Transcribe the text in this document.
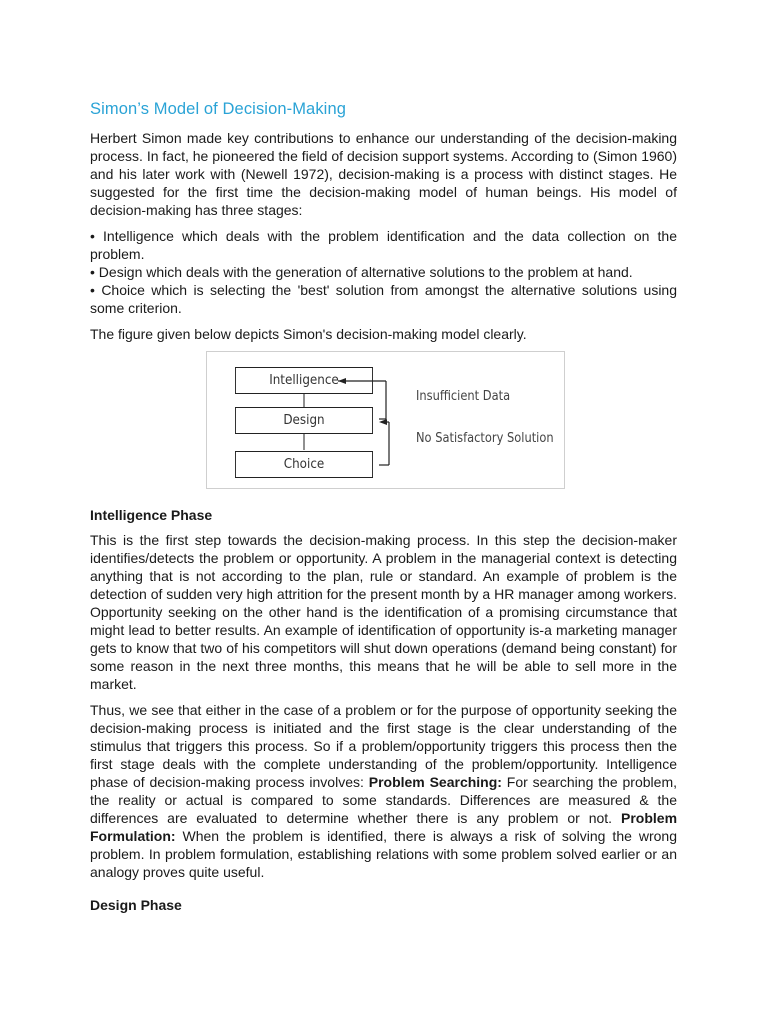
Simon’s Model of Decision-Making

Herbert Simon made key contributions to enhance our understanding of the decision-making process. In fact, he pioneered the field of decision support systems. According to (Simon 1960) and his later work with (Newell 1972), decision-making is a process with distinct stages. He suggested for the first time the decision-making model of human beings. His model of decision-making has three stages:

• Intelligence which deals with the problem identification and the data collection on the problem.

• Design which deals with the generation of alternative solutions to the problem at hand.

• Choice which is selecting the 'best' solution from amongst the alternative solutions using some criterion.

The figure given below depicts Simon's decision-making model clearly.

Intelligence
Design
Choice
Insufficient Data
No Satisfactory Solution
Intelligence Phase

This is the first step towards the decision-making process. In this step the decision-maker identifies/detects the problem or opportunity. A problem in the managerial context is detecting anything that is not according to the plan, rule or standard. An example of problem is the detection of sudden very high attrition for the present month by a HR manager among workers. Opportunity seeking on the other hand is the identification of a promising circumstance that might lead to better results. An example of identification of opportunity is-a marketing manager gets to know that two of his competitors will shut down operations (demand being constant) for some reason in the next three months, this means that he will be able to sell more in the market.

Thus, we see that either in the case of a problem or for the purpose of opportunity seeking the decision-making process is initiated and the first stage is the clear understanding of the stimulus that triggers this process. So if a problem/opportunity triggers this process then the first stage deals with the complete understanding of the problem/opportunity. Intelligence phase of decision-making process involves: Problem Searching: For searching the problem, the reality or actual is compared to some standards. Differences are measured & the differences are evaluated to determine whether there is any problem or not. Problem Formulation: When the problem is identified, there is always a risk of solving the wrong problem. In problem formulation, establishing relations with some problem solved earlier or an analogy proves quite useful.

Design Phase
